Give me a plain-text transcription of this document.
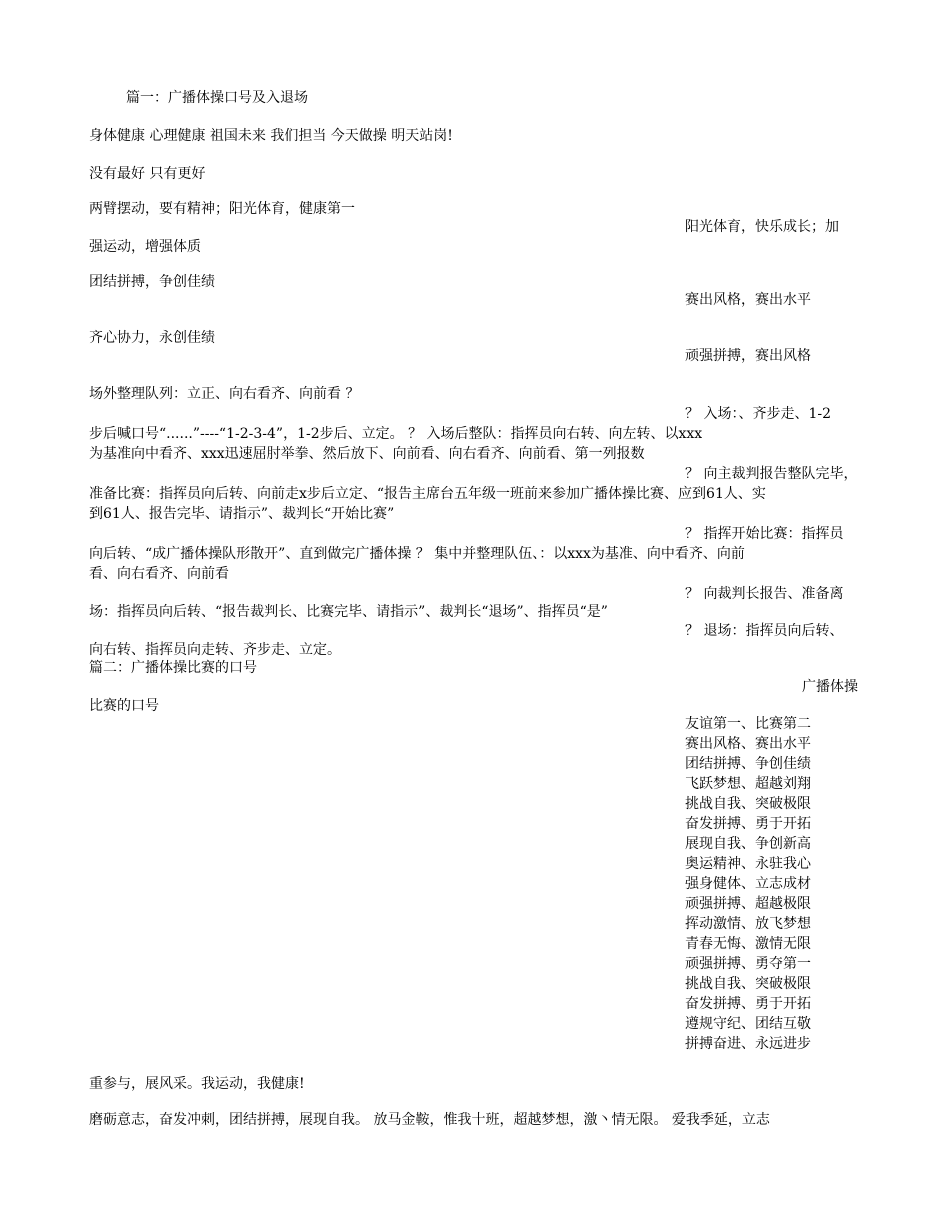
篇一：广播体操口号及入退场
身体健康 心理健康 祖国未来 我们担当 今天做操 明天站岗!
没有最好 只有更好
两臂摆动，要有精神；阳光体育，健康第一
阳光体育，快乐成长；加
强运动，增强体质
团结拼搏，争创佳绩
赛出风格，赛出水平
齐心协力，永创佳绩
顽强拼搏，赛出风格
场外整理队列：立正、向右看齐、向前看 ？
？ 入场：、齐步走、1-2
步后喊口号“......”----“1-2-3-4”，1-2步后、立定。 ？ 入场后整队：指挥员向右转、向左转、以xxx
为基准向中看齐、xxx迅速屈肘举拳、然后放下、向前看、向右看齐、向前看、第一列报数
？ 向主裁判报告整队完毕，
准备比赛：指挥员向后转、向前走x步后立定、“报告主席台五年级一班前来参加广播体操比赛、应到61人、实
到61人、报告完毕、请指示”、裁判长“开始比赛”
？ 指挥开始比赛：指挥员
向后转、“成广播体操队形散开”、直到做完广播体操 ？ 集中并整理队伍、：以xxx为基准、向中看齐、向前
看、向右看齐、向前看
？ 向裁判长报告、准备离
场：指挥员向后转、“报告裁判长、比赛完毕、请指示”、裁判长“退场”、指挥员“是”
？ 退场：指挥员向后转、
向右转、指挥员向走转、齐步走、立定。
篇二：广播体操比赛的口号
广播体操
比赛的口号
友谊第一、比赛第二
赛出风格、赛出水平
团结拼搏、争创佳绩
飞跃梦想、超越刘翔
挑战自我、突破极限
奋发拼搏、勇于开拓
展现自我、争创新高
奥运精神、永驻我心
强身健体、立志成材
顽强拼搏、超越极限
挥动激情、放飞梦想
青春无悔、激情无限
顽强拼搏、勇夺第一
挑战自我、突破极限
奋发拼搏、勇于开拓
遵规守纪、团结互敬
拼搏奋进、永远进步
重参与，展风采。我运动，我健康!
磨砺意志，奋发冲刺，团结拼搏，展现自我。 放马金鞍，惟我十班，超越梦想，激丶情无限。 爱我季延，立志
